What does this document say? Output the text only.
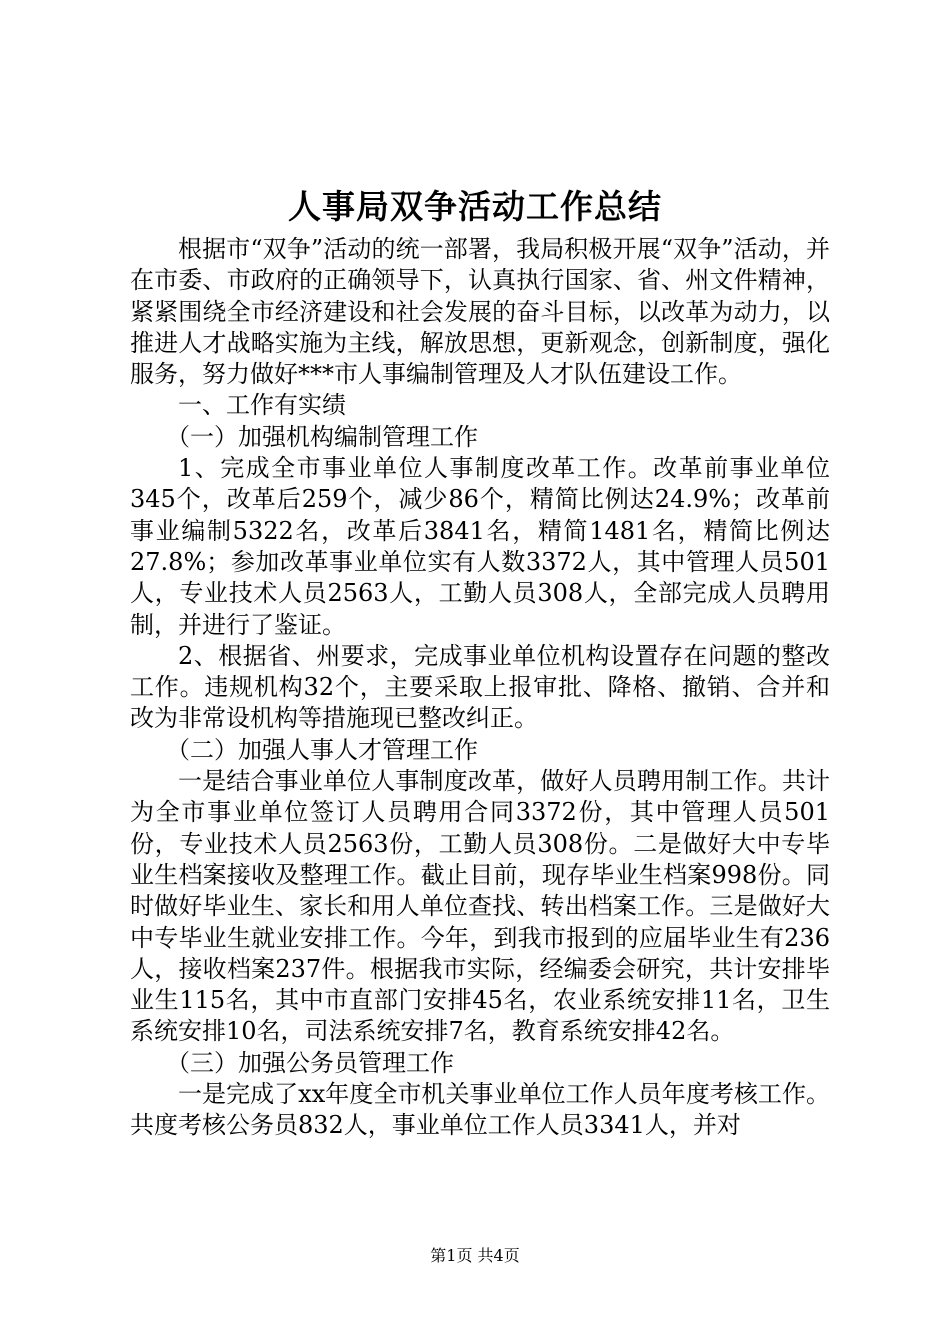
人事局双争活动工作总结

根据市“双争”活动的统一部署，我局积极开展“双争”活动，并在市委、市政府的正确领导下，认真执行国家、省、州文件精神，紧紧围绕全市经济建设和社会发展的奋斗目标，以改革为动力，以推进人才战略实施为主线，解放思想，更新观念，创新制度，强化服务，努力做好***市人事编制管理及人才队伍建设工作。

一、工作有实绩

（一）加强机构编制管理工作

1、完成全市事业单位人事制度改革工作。改革前事业单位345个，改革后259个，减少86个，精简比例达24.9%；改革前事业编制5322名，改革后3841名，精简1481名，精简比例达27.8%；参加改革事业单位实有人数3372人，其中管理人员501人，专业技术人员2563人，工勤人员308人，全部完成人员聘用制，并进行了鉴证。

2、根据省、州要求，完成事业单位机构设置存在问题的整改工作。违规机构32个，主要采取上报审批、降格、撤销、合并和改为非常设机构等措施现已整改纠正。

（二）加强人事人才管理工作

一是结合事业单位人事制度改革，做好人员聘用制工作。共计为全市事业单位签订人员聘用合同3372份，其中管理人员501份，专业技术人员2563份，工勤人员308份。二是做好大中专毕业生档案接收及整理工作。截止目前，现存毕业生档案998份。同时做好毕业生、家长和用人单位查找、转出档案工作。三是做好大中专毕业生就业安排工作。今年，到我市报到的应届毕业生有236人，接收档案237件。根据我市实际，经编委会研究，共计安排毕业生115名，其中市直部门安排45名，农业系统安排11名，卫生系统安排10名，司法系统安排7名，教育系统安排42名。

（三）加强公务员管理工作

一是完成了xx年度全市机关事业单位工作人员年度考核工作。共度考核公务员832人，事业单位工作人员3341人，并对

第1页 共4页
